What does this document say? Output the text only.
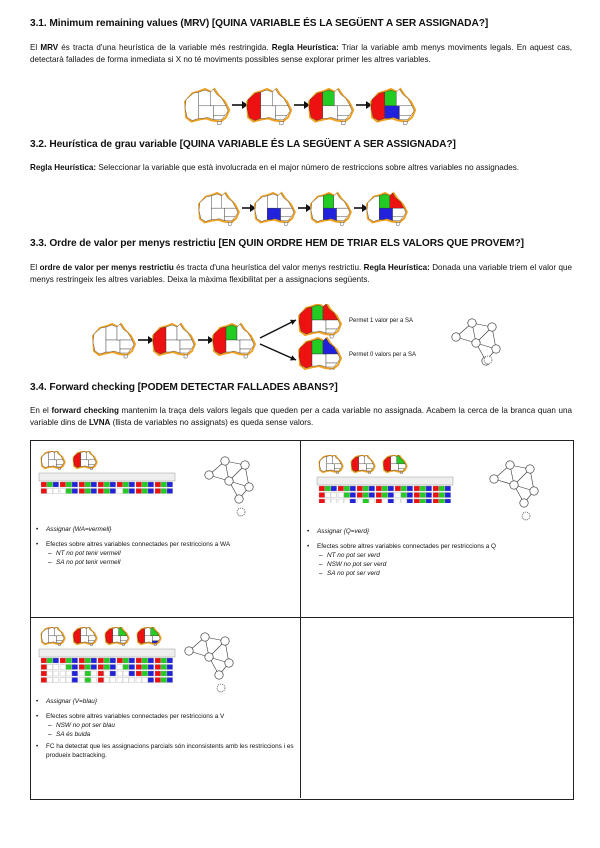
3.1. Minimum remaining values (MRV) [QUINA VARIABLE ÉS LA SEGÜENT A SER ASSIGNADA?]
El MRV és tracta d'una heurística de la variable més restringida. Regla Heurística: Triar la variable amb menys moviments legals. En aquest cas, detectarà fallades de forma inmediata si X no té moviments possibles sense explorar primer les altres variables.
3.2. Heurística de grau variable [QUINA VARIABLE ÉS LA SEGÜENT A SER ASSIGNADA?]
Regla Heurística: Seleccionar la variable que està involucrada en el major número de restriccions sobre altres variables no assignades.
3.3. Ordre de valor per menys restrictiu [EN QUIN ORDRE HEM DE TRIAR ELS VALORS QUE PROVEM?]
El ordre de valor per menys restrictiu és tracta d'una heurística del valor menys restrictiu. Regla Heurística: Donada una variable triem el valor que menys restringeix les altres variables. Deixa la màxima flexibilitat per a assignacions següents.
Permet 1 valor per a SA
Permet 0 valors per a SA
3.4. Forward checking [PODEM DETECTAR FALLADES ABANS?]
En el forward checking mantenim la traça dels valors legals que queden per a cada variable no assignada. Acabem la cerca de la branca quan una variable dins de LVNA (llista de variables no assignats) es queda sense valors.
• Assignar {WA=vermell}
• Efectes sobre altres variables connectades per restriccions a WA
– NT no pot tenir vermell
– SA no pot tenir vermell
• Assignar {Q=verd}
• Efectes sobre altres variables connectades per restriccions a Q
– NT no pot ser verd
– NSW no pot ser verd
– SA no pot ser verd
• Assignar {V=blau}
• Efectes sobre altres variables connectades per restriccions a V
– NSW no pot ser blau
– SA és buida
• FC ha detectat que les assignacions parcials són inconsistents amb les restriccions i es produeix bactracking.
